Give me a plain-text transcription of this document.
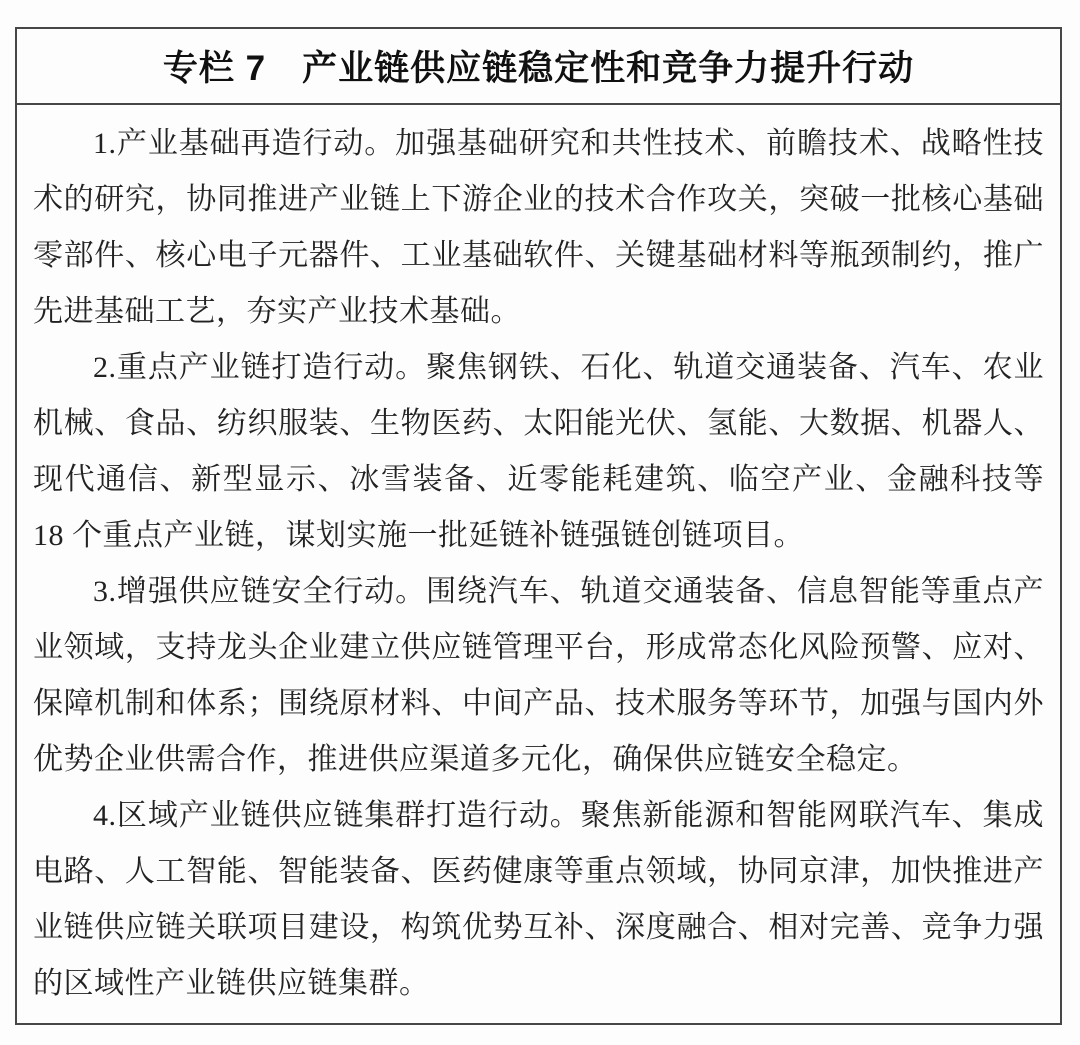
专栏 7　产业链供应链稳定性和竞争力提升行动

1.产业基础再造行动。加强基础研究和共性技术、前瞻技术、战略性技术的研究，协同推进产业链上下游企业的技术合作攻关，突破一批核心基础零部件、核心电子元器件、工业基础软件、关键基础材料等瓶颈制约，推广先进基础工艺，夯实产业技术基础。

2.重点产业链打造行动。聚焦钢铁、石化、轨道交通装备、汽车、农业机械、食品、纺织服装、生物医药、太阳能光伏、氢能、大数据、机器人、现代通信、新型显示、冰雪装备、近零能耗建筑、临空产业、金融科技等 18 个重点产业链，谋划实施一批延链补链强链创链项目。

3.增强供应链安全行动。围绕汽车、轨道交通装备、信息智能等重点产业领域，支持龙头企业建立供应链管理平台，形成常态化风险预警、应对、保障机制和体系；围绕原材料、中间产品、技术服务等环节，加强与国内外优势企业供需合作，推进供应渠道多元化，确保供应链安全稳定。

4.区域产业链供应链集群打造行动。聚焦新能源和智能网联汽车、集成电路、人工智能、智能装备、医药健康等重点领域，协同京津，加快推进产业链供应链关联项目建设，构筑优势互补、深度融合、相对完善、竞争力强的区域性产业链供应链集群。
